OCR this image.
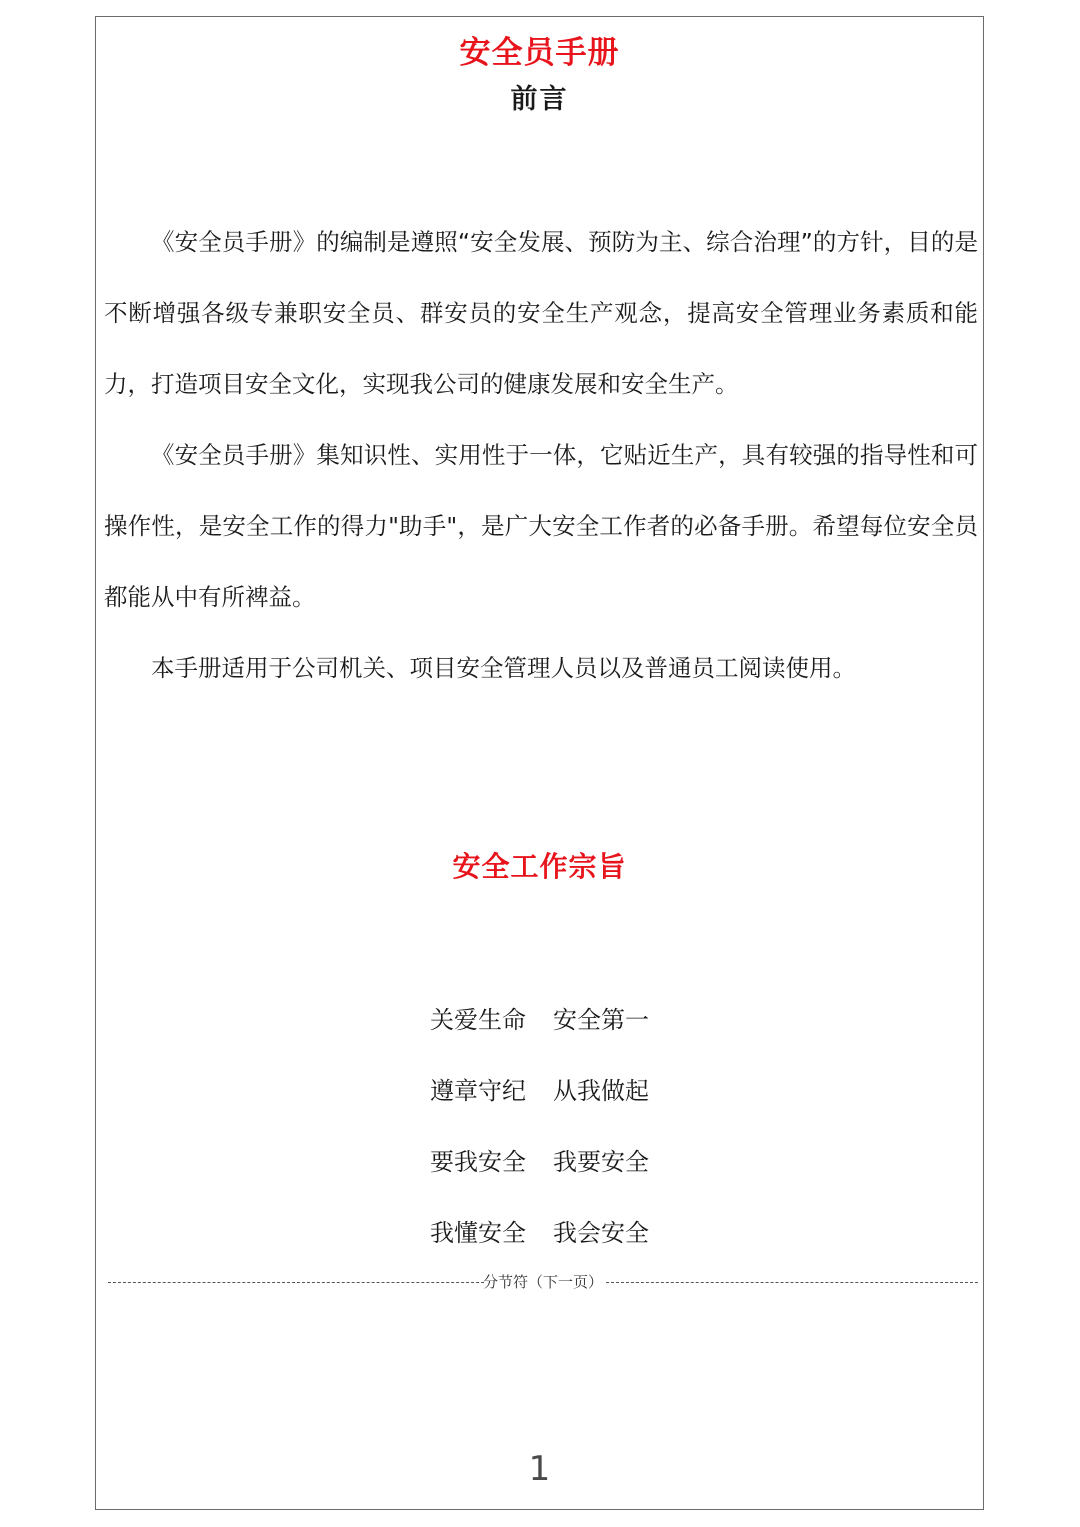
安全员手册
前言

《安全员手册》的编制是遵照“安全发展、预防为主、综合治理”的方针，目的是不断增强各级专兼职安全员、群安员的安全生产观念，提高安全管理业务素质和能力，打造项目安全文化，实现我公司的健康发展和安全生产。

《安全员手册》集知识性、实用性于一体，它贴近生产，具有较强的指导性和可操作性，是安全工作的得力"助手"，是广大安全工作者的必备手册。希望每位安全员都能从中有所裨益。

本手册适用于公司机关、项目安全管理人员以及普通员工阅读使用。

安全工作宗旨
关爱生命 安全第一
遵章守纪 从我做起
要我安全 我要安全
我懂安全 我会安全
分节符（下一页）
1
